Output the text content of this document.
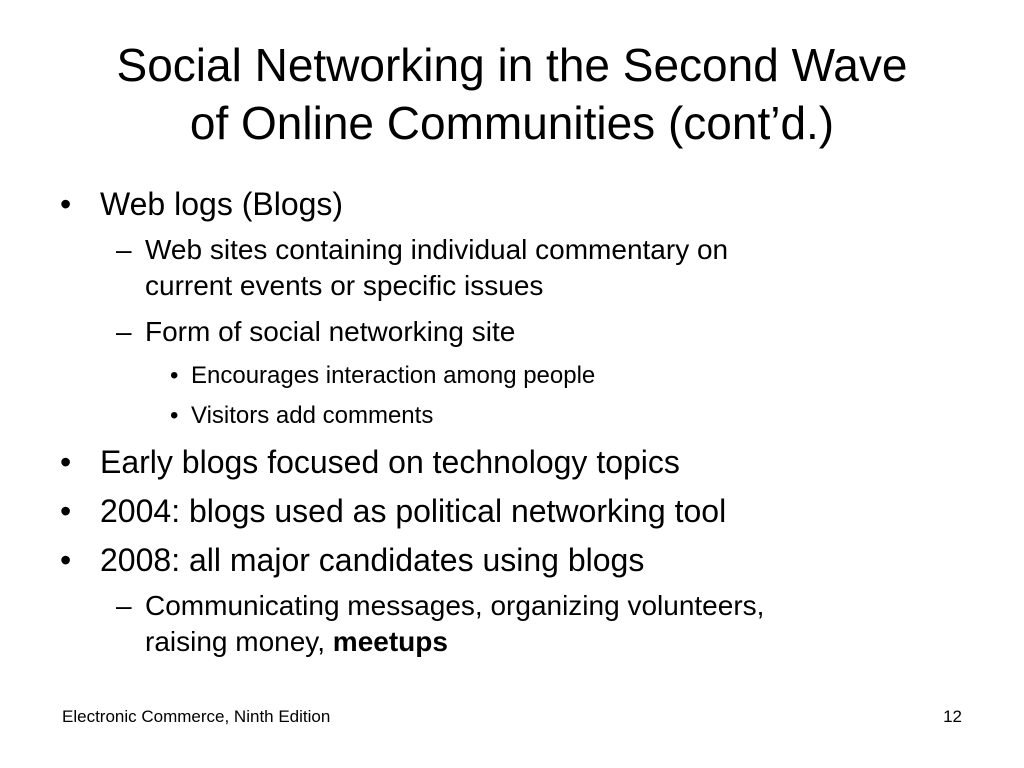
Social Networking in the Second Wave
of Online Communities (cont’d.)
• Web logs (Blogs)
– Web sites containing individual commentary on
current events or specific issues
– Form of social networking site
• Encourages interaction among people
• Visitors add comments
• Early blogs focused on technology topics
• 2004: blogs used as political networking tool
• 2008: all major candidates using blogs
– Communicating messages, organizing volunteers,
raising money, meetups
Electronic Commerce, Ninth Edition	12
